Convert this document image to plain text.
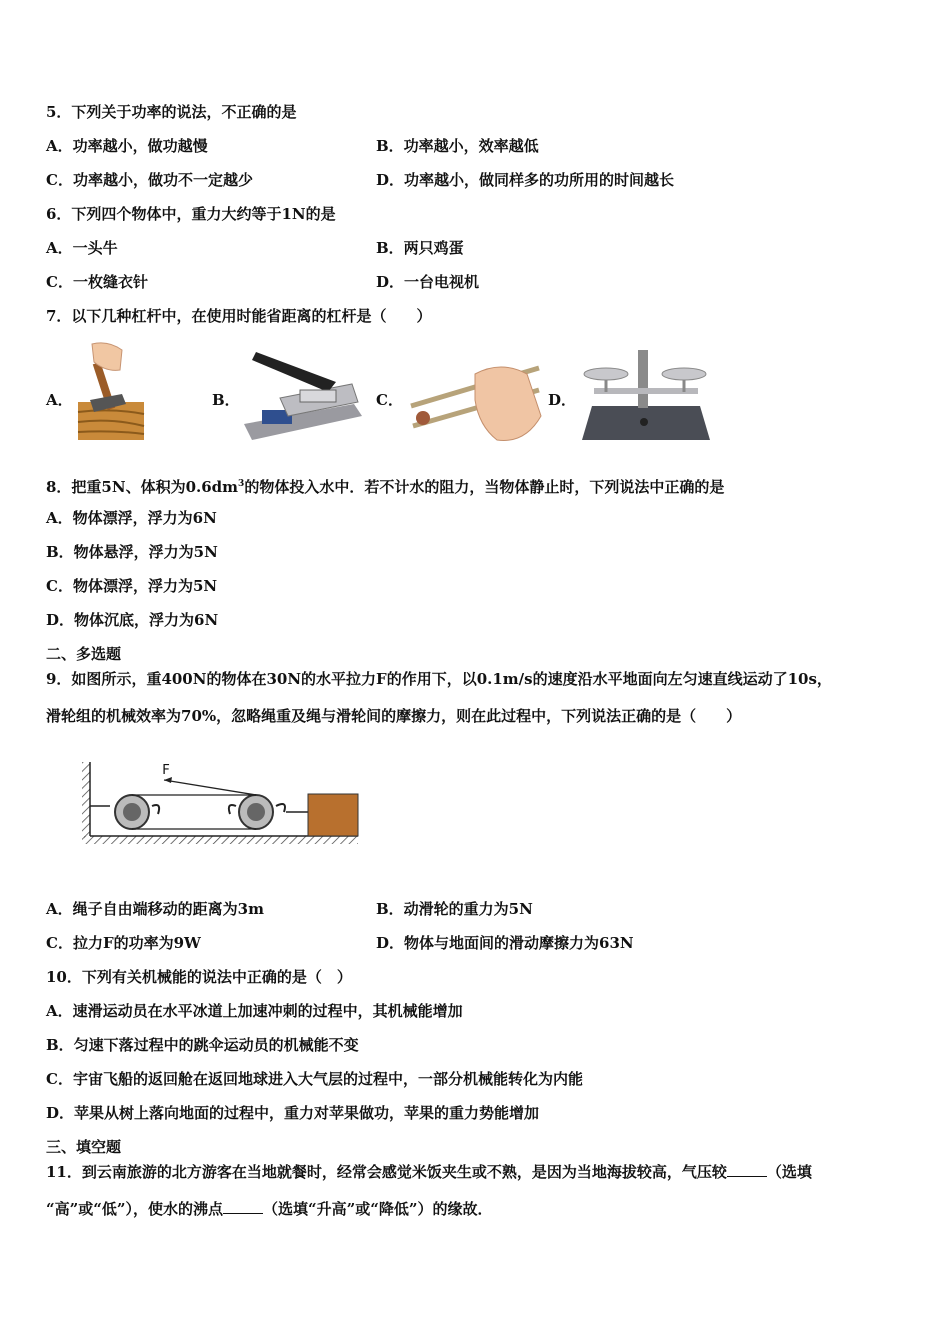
5．下列关于功率的说法，不正确的是
A．功率越小，做功越慢	B．功率越小，效率越低
C．功率越小，做功不一定越少	D．功率越小，做同样多的功所用的时间越长
6．下列四个物体中，重力大约等于1N的是
A．一头牛	B．两只鸡蛋
C．一枚缝衣针	D．一台电视机
7．以下几种杠杆中，在使用时能省距离的杠杆是（　　）
A．	B．	C．	D．
8．把重5N、体积为$0.6dm^3$的物体投入水中．若不计水的阻力，当物体静止时，下列说法中正确的是
A．物体漂浮，浮力为6N
B．物体悬浮，浮力为5N
C．物体漂浮，浮力为5N
D．物体沉底，浮力为6N
二、多选题
9．如图所示，重400N的物体在30N的水平拉力F的作用下，以0.1m/s的速度沿水平地面向左匀速直线运动了10s，
滑轮组的机械效率为70%，忽略绳重及绳与滑轮间的摩擦力，则在此过程中，下列说法正确的是（　　）
F
A．绳子自由端移动的距离为3m	B．动滑轮的重力为5N
C．拉力F的功率为9W	D．物体与地面间的滑动摩擦力为63N
10．下列有关机械能的说法中正确的是（　）
A．速滑运动员在水平冰道上加速冲刺的过程中，其机械能增加
B．匀速下落过程中的跳伞运动员的机械能不变
C．宇宙飞船的返回舱在返回地球进入大气层的过程中，一部分机械能转化为内能
D．苹果从树上落向地面的过程中，重力对苹果做功，苹果的重力势能增加
三、填空题
11．到云南旅游的北方游客在当地就餐时，经常会感觉米饭夹生或不熟，是因为当地海拔较高，气压较	（选填
“高”或“低”），使水的沸点	（选填“升高”或“降低”）的缘故．
